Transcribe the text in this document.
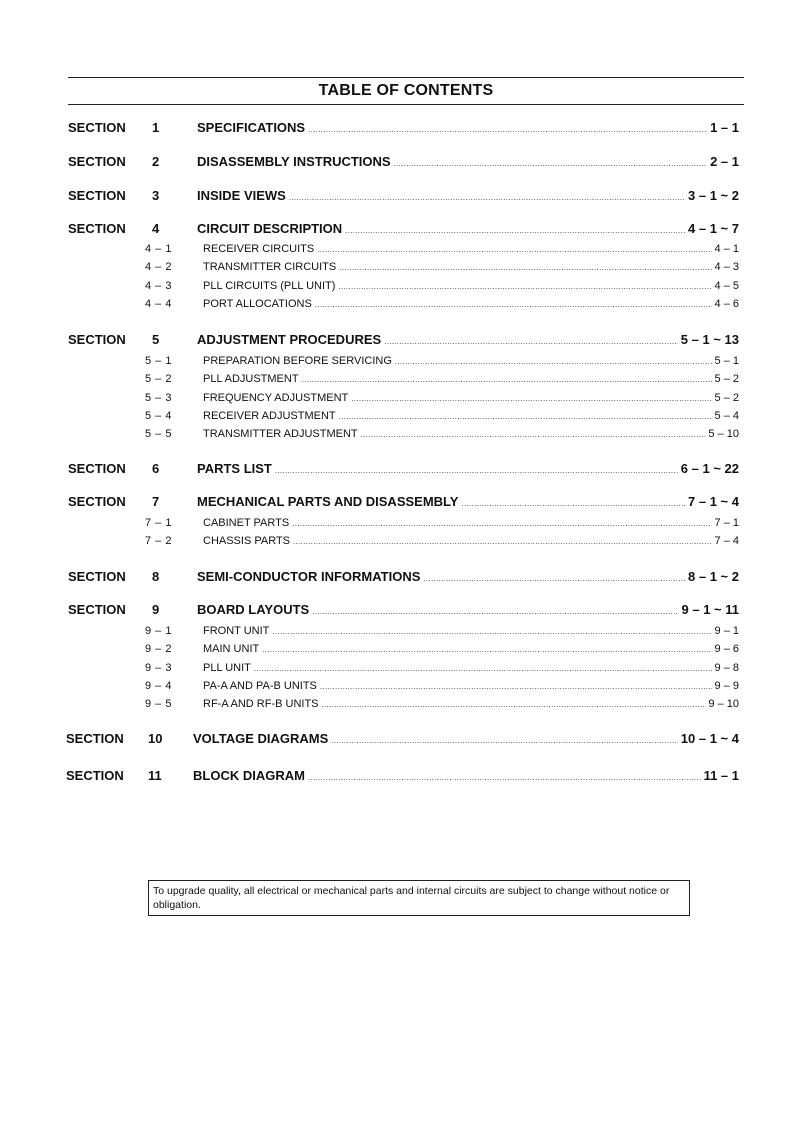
TABLE OF CONTENTS
SECTION 1	SPECIFICATIONS .....	1 – 1
SECTION 2	DISASSEMBLY INSTRUCTIONS .....	2 – 1
SECTION 3	INSIDE VIEWS .....	3 – 1 ~ 2
SECTION 4	CIRCUIT DESCRIPTION .....	4 – 1 ~ 7
4 – 1	RECEIVER CIRCUITS .....	4 – 1
4 – 2	TRANSMITTER CIRCUITS .....	4 – 3
4 – 3	PLL CIRCUITS (PLL UNIT) .....	4 – 5
4 – 4	PORT ALLOCATIONS .....	4 – 6
SECTION 5	ADJUSTMENT PROCEDURES .....	5 – 1 ~ 13
5 – 1	PREPARATION BEFORE SERVICING .....	5 – 1
5 – 2	PLL ADJUSTMENT .....	5 – 2
5 – 3	FREQUENCY ADJUSTMENT .....	5 – 2
5 – 4	RECEIVER ADJUSTMENT .....	5 – 4
5 – 5	TRANSMITTER ADJUSTMENT .....	5 – 10
SECTION 6	PARTS LIST .....	6 – 1 ~ 22
SECTION 7	MECHANICAL PARTS AND DISASSEMBLY .....	7 – 1 ~ 4
7 – 1	CABINET PARTS .....	7 – 1
7 – 2	CHASSIS PARTS .....	7 – 4
SECTION 8	SEMI-CONDUCTOR INFORMATIONS .....	8 – 1 ~ 2
SECTION 9	BOARD LAYOUTS .....	9 – 1 ~ 11
9 – 1	FRONT UNIT .....	9 – 1
9 – 2	MAIN UNIT .....	9 – 6
9 – 3	PLL UNIT .....	9 – 8
9 – 4	PA-A AND PA-B UNITS .....	9 – 9
9 – 5	RF-A AND RF-B UNITS .....	9 – 10
SECTION 10 VOLTAGE DIAGRAMS .....	10 – 1 ~ 4
SECTION 11 BLOCK DIAGRAM .....	11 – 1
To upgrade quality, all electrical or mechanical parts and internal circuits are subject to change without notice or obligation.
